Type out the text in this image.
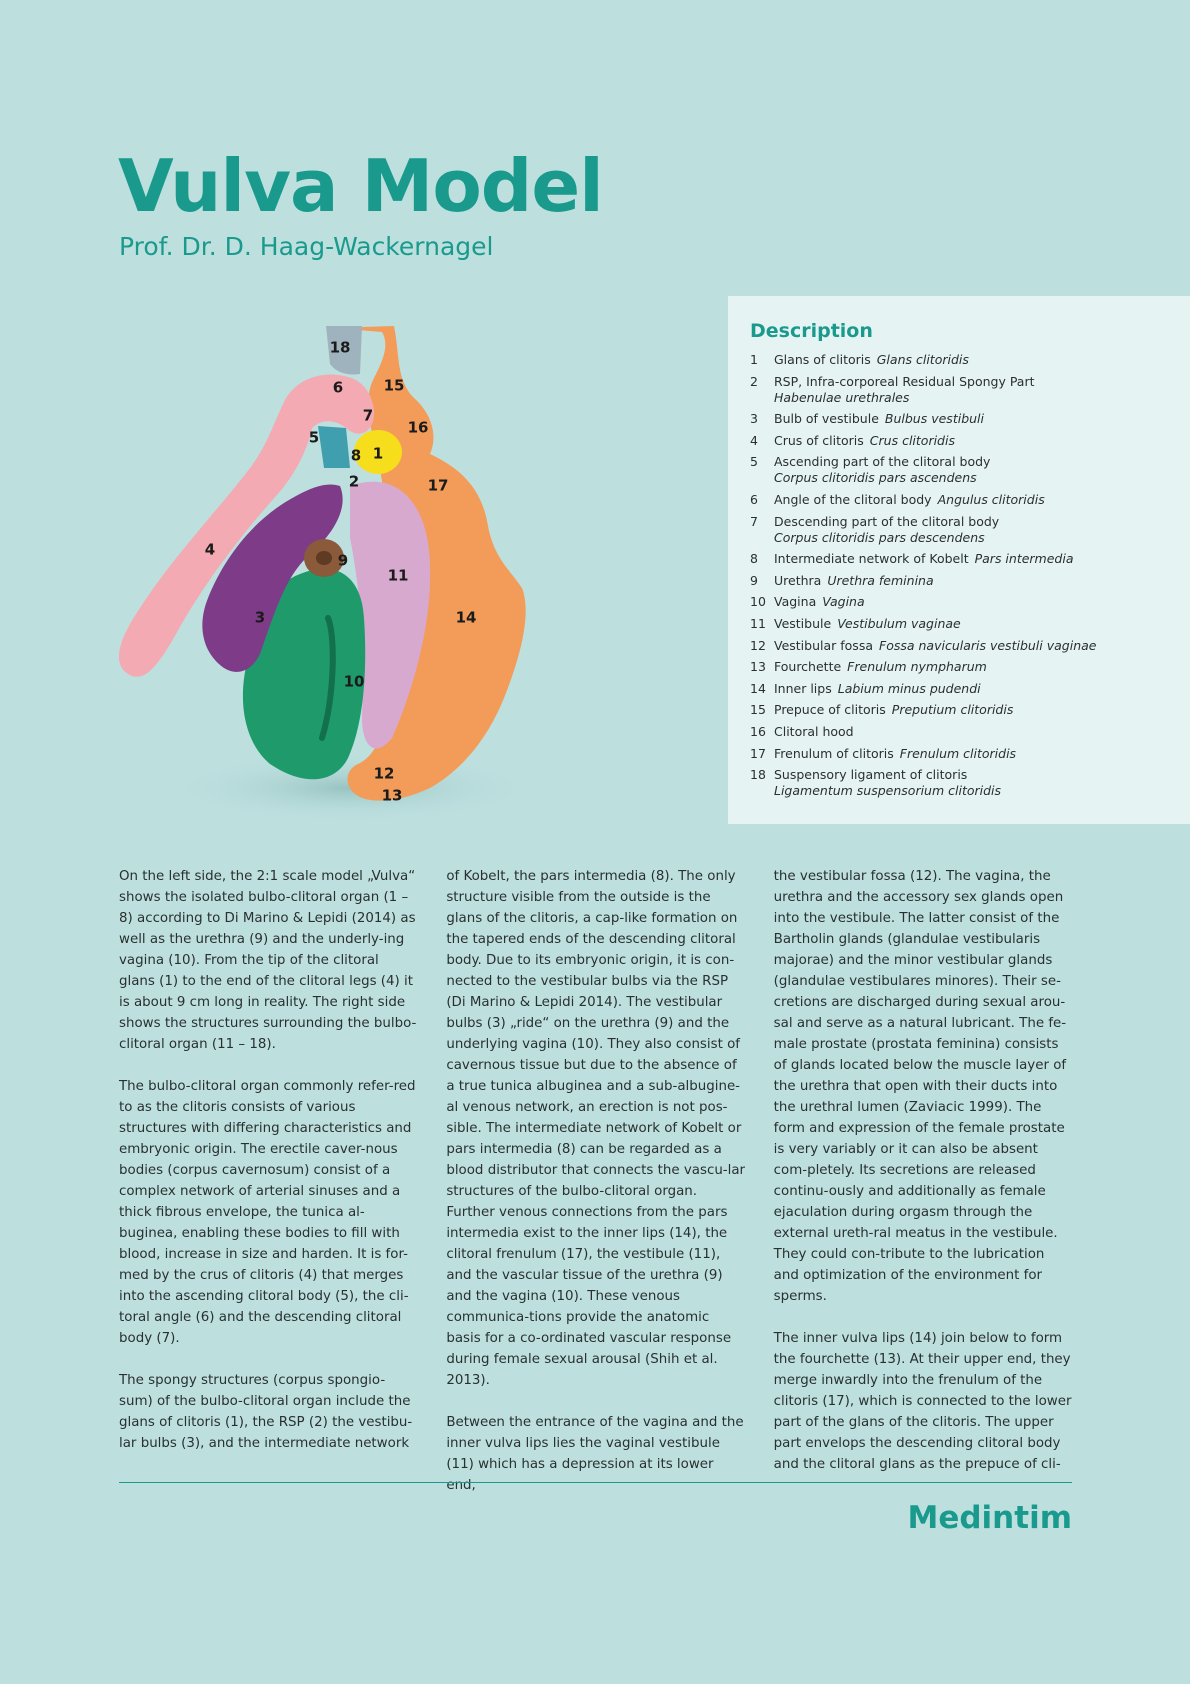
Vulva Model
Prof. Dr. D. Haag-Wackernagel
1
2
3
4
5
6
7
8
9
10
11
12
13
14
15
16
17
18
Description
1	Glans of clitoris Glans clitoridis
2	RSP, Infra-corporeal Residual Spongy Part
Habenulae urethrales
3	Bulb of vestibule Bulbus vestibuli
4	Crus of clitoris Crus clitoridis
5	Ascending part of the clitoral body
Corpus clitoridis pars ascendens
6	Angle of the clitoral body Angulus clitoridis
7	Descending part of the clitoral body
Corpus clitoridis pars descendens
8	Intermediate network of Kobelt Pars intermedia
9	Urethra Urethra feminina
10 Vagina Vagina
11 Vestibule Vestibulum vaginae
12 Vestibular fossa Fossa navicularis vestibuli vaginae
13 Fourchette Frenulum nympharum
14 Inner lips Labium minus pudendi
15 Prepuce of clitoris Preputium clitoridis
16 Clitoral hood
17 Frenulum of clitoris Frenulum clitoridis
18 Suspensory ligament of clitoris
Ligamentum suspensorium clitoridis

On the left side, the 2:1 scale model „Vulva“ shows the isolated bulbo-clitoral organ (1 – 8) according to Di Marino & Lepidi (2014) as well as the urethra (9) and the underly-ing vagina (10). From the tip of the clitoral glans (1) to the end of the clitoral legs (4) it is about 9 cm long in reality. The right side shows the structures surrounding the bulbo-clitoral organ (11 – 18).

The bulbo-clitoral organ commonly refer-red to as the clitoris consists of various structures with differing characteristics and embryonic origin. The erectile caver-nous bodies (corpus cavernosum) consist of a complex network of arterial sinuses and a thick fibrous envelope, the tunica al-buginea, enabling these bodies to fill with blood, increase in size and harden. It is for-med by the crus of clitoris (4) that merges into the ascending clitoral body (5), the cli-toral angle (6) and the descending clitoral body (7).

The spongy structures (corpus spongio-sum) of the bulbo-clitoral organ include the glans of clitoris (1), the RSP (2) the vestibu-lar bulbs (3), and the intermediate network

of Kobelt, the pars intermedia (8). The only structure visible from the outside is the glans of the clitoris, a cap-like formation on the tapered ends of the descending clitoral body. Due to its embryonic origin, it is con-nected to the vestibular bulbs via the RSP (Di Marino & Lepidi 2014). The vestibular bulbs (3) „ride“ on the urethra (9) and the underlying vagina (10). They also consist of cavernous tissue but due to the absence of a true tunica albuginea and a sub-albugine-al venous network, an erection is not pos-sible. The intermediate network of Kobelt or pars intermedia (8) can be regarded as a blood distributor that connects the vascu-lar structures of the bulbo-clitoral organ. Further venous connections from the pars intermedia exist to the inner lips (14), the clitoral frenulum (17), the vestibule (11), and the vascular tissue of the urethra (9) and the vagina (10). These venous communica-tions provide the anatomic basis for a co-ordinated vascular response during female sexual arousal (Shih et al. 2013).

Between the entrance of the vagina and the inner vulva lips lies the vaginal vestibule (11) which has a depression at its lower end,

the vestibular fossa (12). The vagina, the urethra and the accessory sex glands open into the vestibule. The latter consist of the Bartholin glands (glandulae vestibularis majorae) and the minor vestibular glands (glandulae vestibulares minores). Their se-cretions are discharged during sexual arou-sal and serve as a natural lubricant. The fe-male prostate (prostata feminina) consists of glands located below the muscle layer of the urethra that open with their ducts into the urethral lumen (Zaviacic 1999). The form and expression of the female prostate is very variably or it can also be absent com-pletely. Its secretions are released continu-ously and additionally as female ejaculation during orgasm through the external ureth-ral meatus in the vestibule. They could con-tribute to the lubrication and optimization of the environment for sperms.

The inner vulva lips (14) join below to form the fourchette (13). At their upper end, they merge inwardly into the frenulum of the clitoris (17), which is connected to the lower part of the glans of the clitoris. The upper part envelops the descending clitoral body and the clitoral glans as the prepuce of cli-

Medintim
